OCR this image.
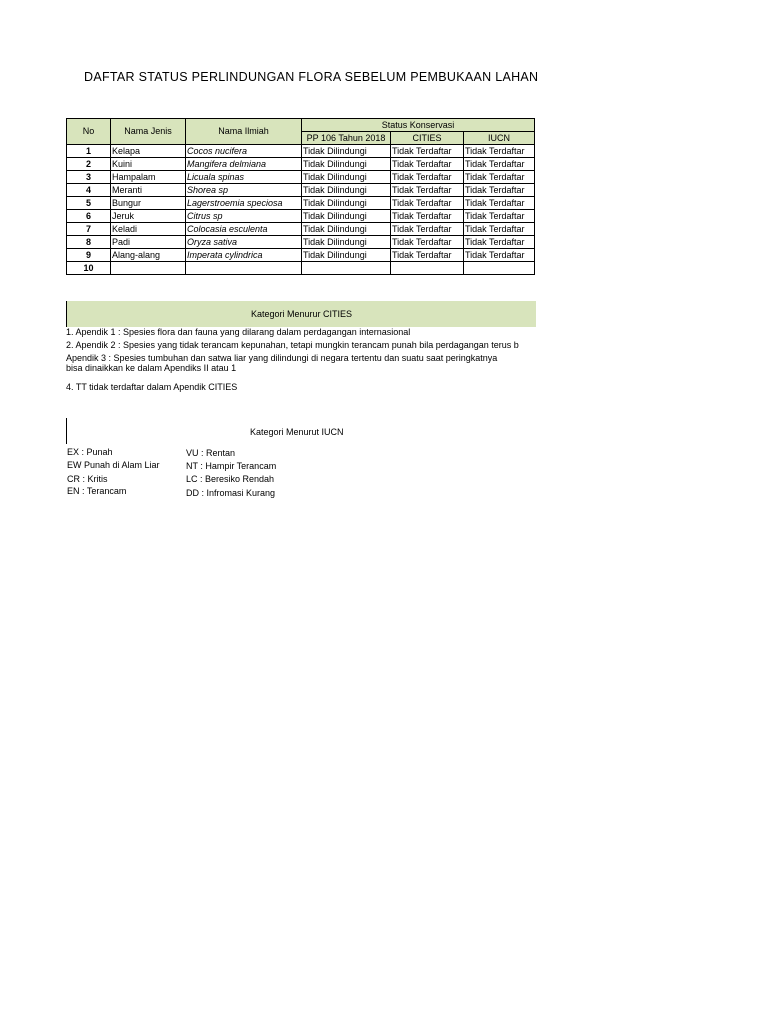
DAFTAR STATUS PERLINDUNGAN FLORA SEBELUM PEMBUKAAN LAHAN
No	Nama Jenis	Nama Ilmiah	Status Konservasi		
			PP 106 Tahun 2018	CITIES	IUCN
1	Kelapa	Cocos nucifera	Tidak Dilindungi	Tidak Terdaftar	Tidak Terdaftar
2	Kuini	Mangifera delmiana	Tidak Dilindungi	Tidak Terdaftar	Tidak Terdaftar
3	Hampalam	Licuala spinas	Tidak Dilindungi	Tidak Terdaftar	Tidak Terdaftar
4	Meranti	Shorea sp	Tidak Dilindungi	Tidak Terdaftar	Tidak Terdaftar
5	Bungur	Lagerstroemia speciosa	Tidak Dilindungi	Tidak Terdaftar	Tidak Terdaftar
6	Jeruk	Citrus sp	Tidak Dilindungi	Tidak Terdaftar	Tidak Terdaftar
7	Keladi	Colocasia esculenta	Tidak Dilindungi	Tidak Terdaftar	Tidak Terdaftar
8	Padi	Oryza sativa	Tidak Dilindungi	Tidak Terdaftar	Tidak Terdaftar
9	Alang-alang	Imperata cylindrica	Tidak Dilindungi	Tidak Terdaftar	Tidak Terdaftar
10					
Kategori Menurur CITIES
1. Apendik 1 : Spesies flora dan fauna yang dilarang dalam perdagangan internasional
2. Apendik 2 : Spesies yang tidak terancam kepunahan, tetapi mungkin terancam punah bila perdagangan terus b
Apendik 3 : Spesies tumbuhan dan satwa liar yang dilindungi di negara tertentu dan suatu saat peringkatnya
bisa dinaikkan ke dalam Apendiks II atau 1
4. TT tidak terdaftar dalam Apendik CITIES
Kategori Menurut IUCN
EX : Punah
EW Punah di Alam Liar
CR : Kritis
EN : Terancam
VU : Rentan
NT : Hampir Terancam
LC : Beresiko Rendah
DD : Infromasi Kurang
